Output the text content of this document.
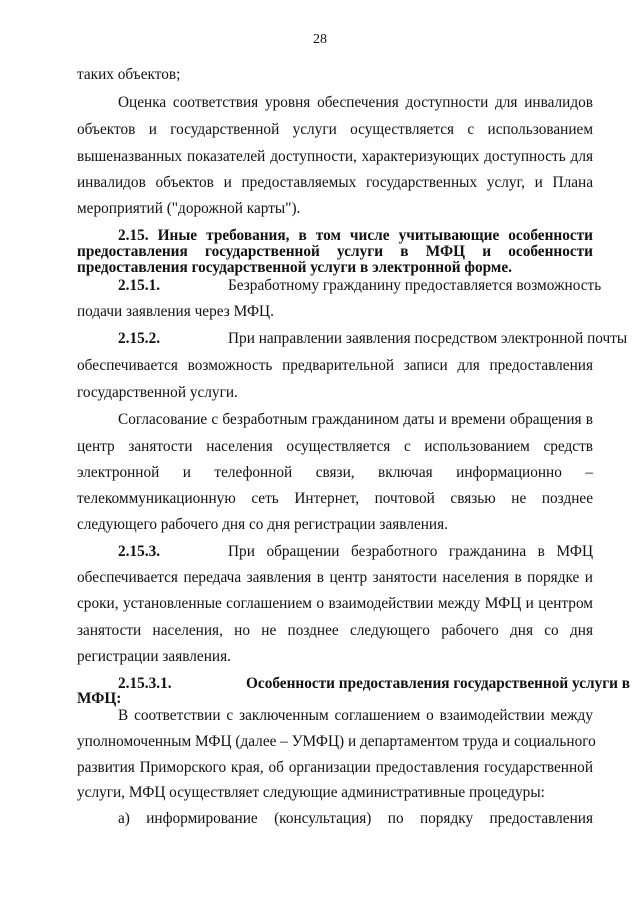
28
таких объектов;
Оценка соответствия уровня обеспечения доступности для инвалидов
объектов и государственной услуги осуществляется с использованием
вышеназванных показателей доступности, характеризующих доступность для
инвалидов объектов и предоставляемых государственных услуг, и Плана
мероприятий ("дорожной карты").
2.15. Иные требования, в том числе учитывающие особенности
предоставления государственной услуги в МФЦ и особенности
предоставления государственной услуги в электронной форме.
2.15.1.	Безработному гражданину предоставляется возможность
подачи заявления через МФЦ.
2.15.2.	При направлении заявления посредством электронной почты
обеспечивается возможность предварительной записи для предоставления
государственной услуги.
Согласование с безработным гражданином даты и времени обращения в
центр занятости населения осуществляется с использованием средств
электронной и телефонной связи, включая информационно –
телекоммуникационную сеть Интернет, почтовой связью не позднее
следующего рабочего дня со дня регистрации заявления.
2.15.3.	При обращении безработного гражданина в МФЦ
обеспечивается передача заявления в центр занятости населения в порядке и
сроки, установленные соглашением о взаимодействии между МФЦ и центром
занятости населения, но не позднее следующего рабочего дня со дня
регистрации заявления.
2.15.3.1.	Особенности предоставления государственной услуги в
МФЦ:
В соответствии с заключенным соглашением о взаимодействии между
уполномоченным МФЦ (далее – УМФЦ) и департаментом труда и социального
развития Приморского края, об организации предоставления государственной
услуги, МФЦ осуществляет следующие административные процедуры:
а) информирование (консультация) по порядку предоставления
